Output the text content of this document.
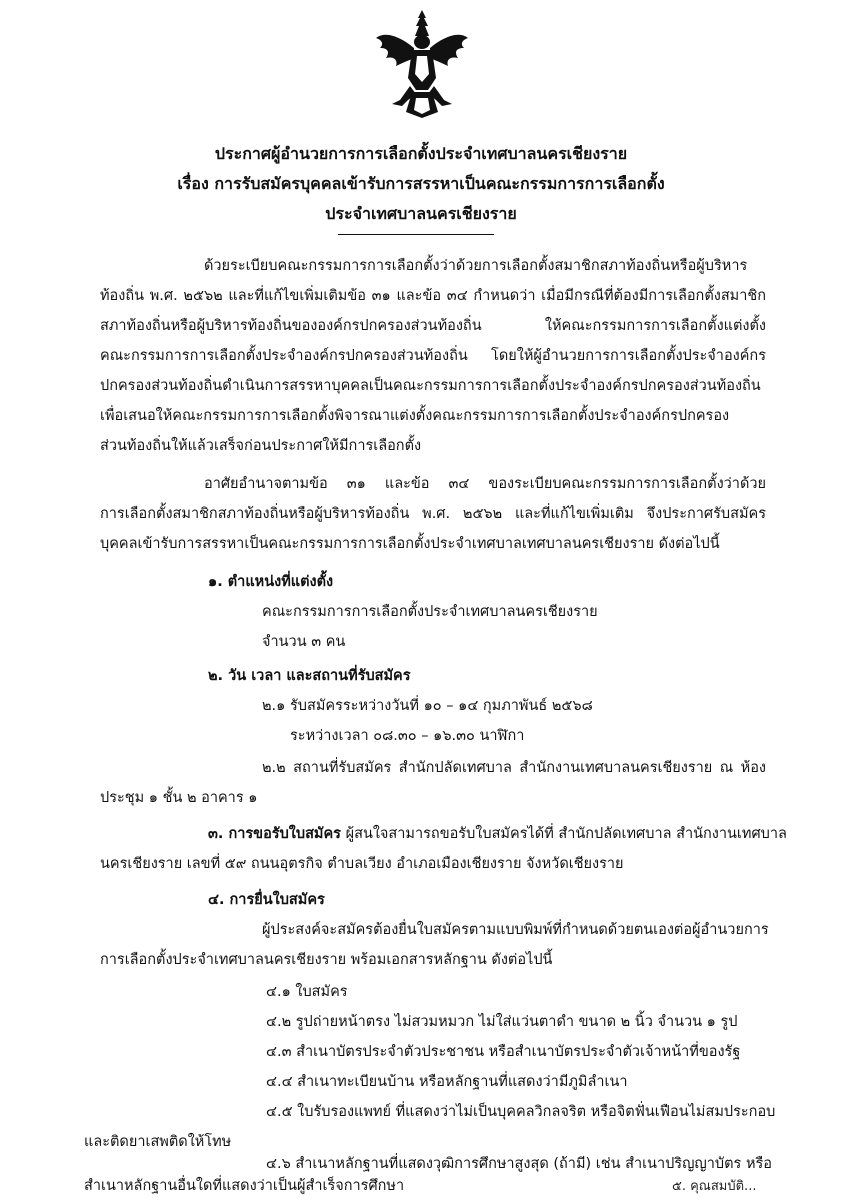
ประกาศผู้อำนวยการการเลือกตั้งประจำเทศบาลนครเชียงราย
เรื่อง การรับสมัครบุคคลเข้ารับการสรรหาเป็นคณะกรรมการการเลือกตั้ง
ประจำเทศบาลนครเชียงราย
ด้วยระเบียบคณะกรรมการการเลือกตั้งว่าด้วยการเลือกตั้งสมาชิกสภาท้องถิ่นหรือผู้บริหาร
ท้องถิ่น พ.ศ. ๒๕๖๒ และที่แก้ไขเพิ่มเติมข้อ ๓๑ และข้อ ๓๔ กำหนดว่า เมื่อมีกรณีที่ต้องมีการเลือกตั้งสมาชิก
สภาท้องถิ่นหรือผู้บริหารท้องถิ่นขององค์กรปกครองส่วนท้องถิ่น ให้คณะกรรมการการเลือกตั้งแต่งตั้ง
คณะกรรมการการเลือกตั้งประจำองค์กรปกครองส่วนท้องถิ่น โดยให้ผู้อำนวยการการเลือกตั้งประจำองค์กร
ปกครองส่วนท้องถิ่นดำเนินการสรรหาบุคคลเป็นคณะกรรมการการเลือกตั้งประจำองค์กรปกครองส่วนท้องถิ่น
เพื่อเสนอให้คณะกรรมการการเลือกตั้งพิจารณาแต่งตั้งคณะกรรมการการเลือกตั้งประจำองค์กรปกครอง
ส่วนท้องถิ่นให้แล้วเสร็จก่อนประกาศให้มีการเลือกตั้ง
อาศัยอำนาจตามข้อ ๓๑ และข้อ ๓๔ ของระเบียบคณะกรรมการการเลือกตั้งว่าด้วย
การเลือกตั้งสมาชิกสภาท้องถิ่นหรือผู้บริหารท้องถิ่น พ.ศ. ๒๕๖๒ และที่แก้ไขเพิ่มเติม จึงประกาศรับสมัคร
บุคคลเข้ารับการสรรหาเป็นคณะกรรมการการเลือกตั้งประจำเทศบาลเทศบาลนครเชียงราย ดังต่อไปนี้
๑. ตำแหน่งที่แต่งตั้ง
คณะกรรมการการเลือกตั้งประจำเทศบาลนครเชียงราย
จำนวน ๓ คน
๒. วัน เวลา และสถานที่รับสมัคร
๒.๑ รับสมัครระหว่างวันที่ ๑๐ – ๑๔ กุมภาพันธ์ ๒๕๖๘
ระหว่างเวลา ๐๘.๓๐ – ๑๖.๓๐ นาฬิกา
๒.๒ สถานที่รับสมัคร สำนักปลัดเทศบาล สำนักงานเทศบาลนครเชียงราย ณ ห้อง
ประชุม ๑ ชั้น ๒ อาคาร ๑
๓. การขอรับใบสมัคร ผู้สนใจสามารถขอรับใบสมัครได้ที่ สำนักปลัดเทศบาล สำนักงานเทศบาล
นครเชียงราย เลขที่ ๕๙ ถนนอุตรกิจ ตำบลเวียง อำเภอเมืองเชียงราย จังหวัดเชียงราย
๔. การยื่นใบสมัคร
ผู้ประสงค์จะสมัครต้องยื่นใบสมัครตามแบบพิมพ์ที่กำหนดด้วยตนเองต่อผู้อำนวยการ
การเลือกตั้งประจำเทศบาลนครเชียงราย พร้อมเอกสารหลักฐาน ดังต่อไปนี้
๔.๑ ใบสมัคร
๔.๒ รูปถ่ายหน้าตรง ไม่สวมหมวก ไม่ใส่แว่นตาดำ ขนาด ๒ นิ้ว จำนวน ๑ รูป
๔.๓ สำเนาบัตรประจำตัวประชาชน หรือสำเนาบัตรประจำตัวเจ้าหน้าที่ของรัฐ
๔.๔ สำเนาทะเบียนบ้าน หรือหลักฐานที่แสดงว่ามีภูมิลำเนา
๔.๕ ใบรับรองแพทย์ ที่แสดงว่าไม่เป็นบุคคลวิกลจริต หรือจิตฟั่นเฟือนไม่สมประกอบ
และติดยาเสพติดให้โทษ
๔.๖ สำเนาหลักฐานที่แสดงวุฒิการศึกษาสูงสุด (ถ้ามี) เช่น สำเนาปริญญาบัตร หรือ
สำเนาหลักฐานอื่นใดที่แสดงว่าเป็นผู้สำเร็จการศึกษา	๕. คุณสมบัติ...
